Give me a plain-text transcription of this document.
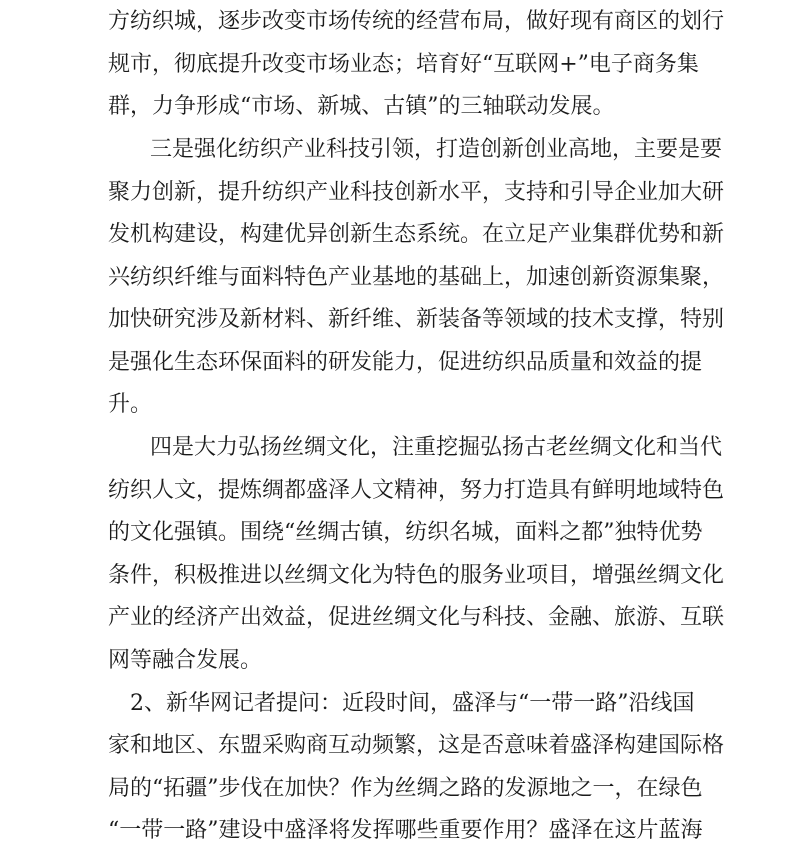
方纺织城，逐步改变市场传统的经营布局，做好现有商区的划行
规市，彻底提升改变市场业态；培育好“互联网+”电子商务集
群，力争形成“市场、新城、古镇”的三轴联动发展。
三是强化纺织产业科技引领，打造创新创业高地，主要是要
聚力创新，提升纺织产业科技创新水平，支持和引导企业加大研
发机构建设，构建优异创新生态系统。在立足产业集群优势和新
兴纺织纤维与面料特色产业基地的基础上，加速创新资源集聚，
加快研究涉及新材料、新纤维、新装备等领域的技术支撑，特别
是强化生态环保面料的研发能力，促进纺织品质量和效益的提
升。
四是大力弘扬丝绸文化，注重挖掘弘扬古老丝绸文化和当代
纺织人文，提炼绸都盛泽人文精神，努力打造具有鲜明地域特色
的文化强镇。围绕“丝绸古镇，纺织名城，面料之都”独特优势
条件，积极推进以丝绸文化为特色的服务业项目，增强丝绸文化
产业的经济产出效益，促进丝绸文化与科技、金融、旅游、互联
网等融合发展。
2、新华网记者提问：近段时间，盛泽与“一带一路”沿线国
家和地区、东盟采购商互动频繁，这是否意味着盛泽构建国际格
局的“拓疆”步伐在加快？作为丝绸之路的发源地之一，在绿色
“一带一路”建设中盛泽将发挥哪些重要作用？盛泽在这片蓝海
